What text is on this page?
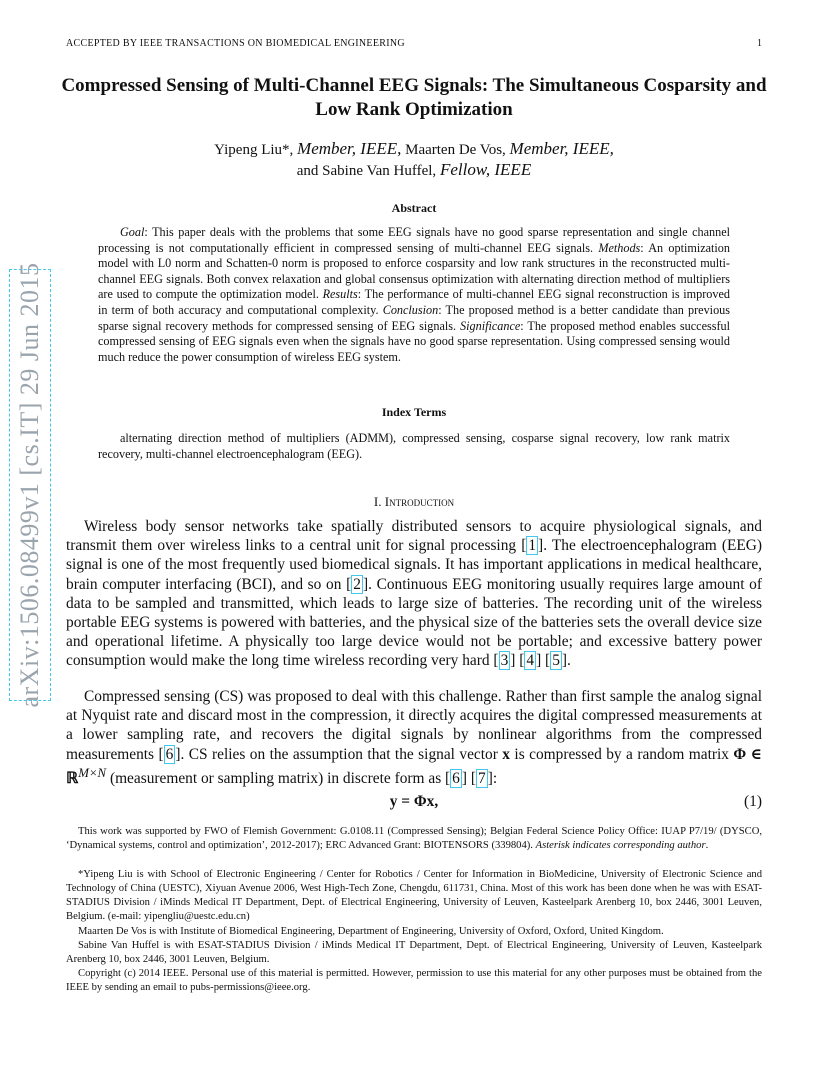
ACCEPTED BY IEEE TRANSACTIONS ON BIOMEDICAL ENGINEERING	1
arXiv:1506.08499v1 [cs.IT] 29 Jun 2015
Compressed Sensing of Multi-Channel EEG Signals: The Simultaneous Cosparsity and Low Rank Optimization
Yipeng Liu*, Member, IEEE, Maarten De Vos, Member, IEEE,
and Sabine Van Huffel, Fellow, IEEE
Abstract
Goal: This paper deals with the problems that some EEG signals have no good sparse representation and single channel processing is not computationally efficient in compressed sensing of multi-channel EEG signals. Methods: An optimization model with L0 norm and Schatten-0 norm is proposed to enforce cosparsity and low rank structures in the reconstructed multi-channel EEG signals. Both convex relaxation and global consensus optimization with alternating direction method of multipliers are used to compute the optimization model. Results: The performance of multi-channel EEG signal reconstruction is improved in term of both accuracy and computational complexity. Conclusion: The proposed method is a better candidate than previous sparse signal recovery methods for compressed sensing of EEG signals. Significance: The proposed method enables successful compressed sensing of EEG signals even when the signals have no good sparse representation. Using compressed sensing would much reduce the power consumption of wireless EEG system.
Index Terms
alternating direction method of multipliers (ADMM), compressed sensing, cosparse signal recovery, low rank matrix recovery, multi-channel electroencephalogram (EEG).
I. Introduction
Wireless body sensor networks take spatially distributed sensors to acquire physiological signals, and transmit them over wireless links to a central unit for signal processing [ 1 ]. The electroencephalogram (EEG) signal is one of the most frequently used biomedical signals. It has important applications in medical healthcare, brain computer interfacing (BCI), and so on [ 2 ]. Continuous EEG monitoring usually requires large amount of data to be sampled and transmitted, which leads to large size of batteries. The recording unit of the wireless portable EEG systems is powered with batteries, and the physical size of the batteries sets the overall device size and operational lifetime. A physically too large device would not be portable; and excessive battery power consumption would make the long time wireless recording very hard [ 3 ] [ 4 ] [ 5 ].
Compressed sensing (CS) was proposed to deal with this challenge. Rather than first sample the analog signal at Nyquist rate and discard most in the compression, it directly acquires the digital compressed measurements at a lower sampling rate, and recovers the digital signals by nonlinear algorithms from the compressed measurements [ 6 ]. CS relies on the assumption that the signal vector x is compressed by a random matrix Φ ∈ ℝ$^{M\times N}$ (measurement or sampling matrix) in discrete form as [ 6 ] [ 7 ]:
y = Φx,	(1)
This work was supported by FWO of Flemish Government: G.0108.11 (Compressed Sensing); Belgian Federal Science Policy Office: IUAP P7/19/ (DYSCO, ‘Dynamical systems, control and optimization’, 2012-2017); ERC Advanced Grant: BIOTENSORS (339804). Asterisk indicates corresponding author.
*Yipeng Liu is with School of Electronic Engineering / Center for Robotics / Center for Information in BioMedicine, University of Electronic Science and Technology of China (UESTC), Xiyuan Avenue 2006, West High-Tech Zone, Chengdu, 611731, China. Most of this work has been done when he was with ESAT-STADIUS Division / iMinds Medical IT Department, Dept. of Electrical Engineering, University of Leuven, Kasteelpark Arenberg 10, box 2446, 3001 Leuven, Belgium. (e-mail: yipengliu@uestc.edu.cn)
Maarten De Vos is with Institute of Biomedical Engineering, Department of Engineering, University of Oxford, Oxford, United Kingdom.
Sabine Van Huffel is with ESAT-STADIUS Division / iMinds Medical IT Department, Dept. of Electrical Engineering, University of Leuven, Kasteelpark Arenberg 10, box 2446, 3001 Leuven, Belgium.
Copyright (c) 2014 IEEE. Personal use of this material is permitted. However, permission to use this material for any other purposes must be obtained from the IEEE by sending an email to pubs-permissions@ieee.org.
